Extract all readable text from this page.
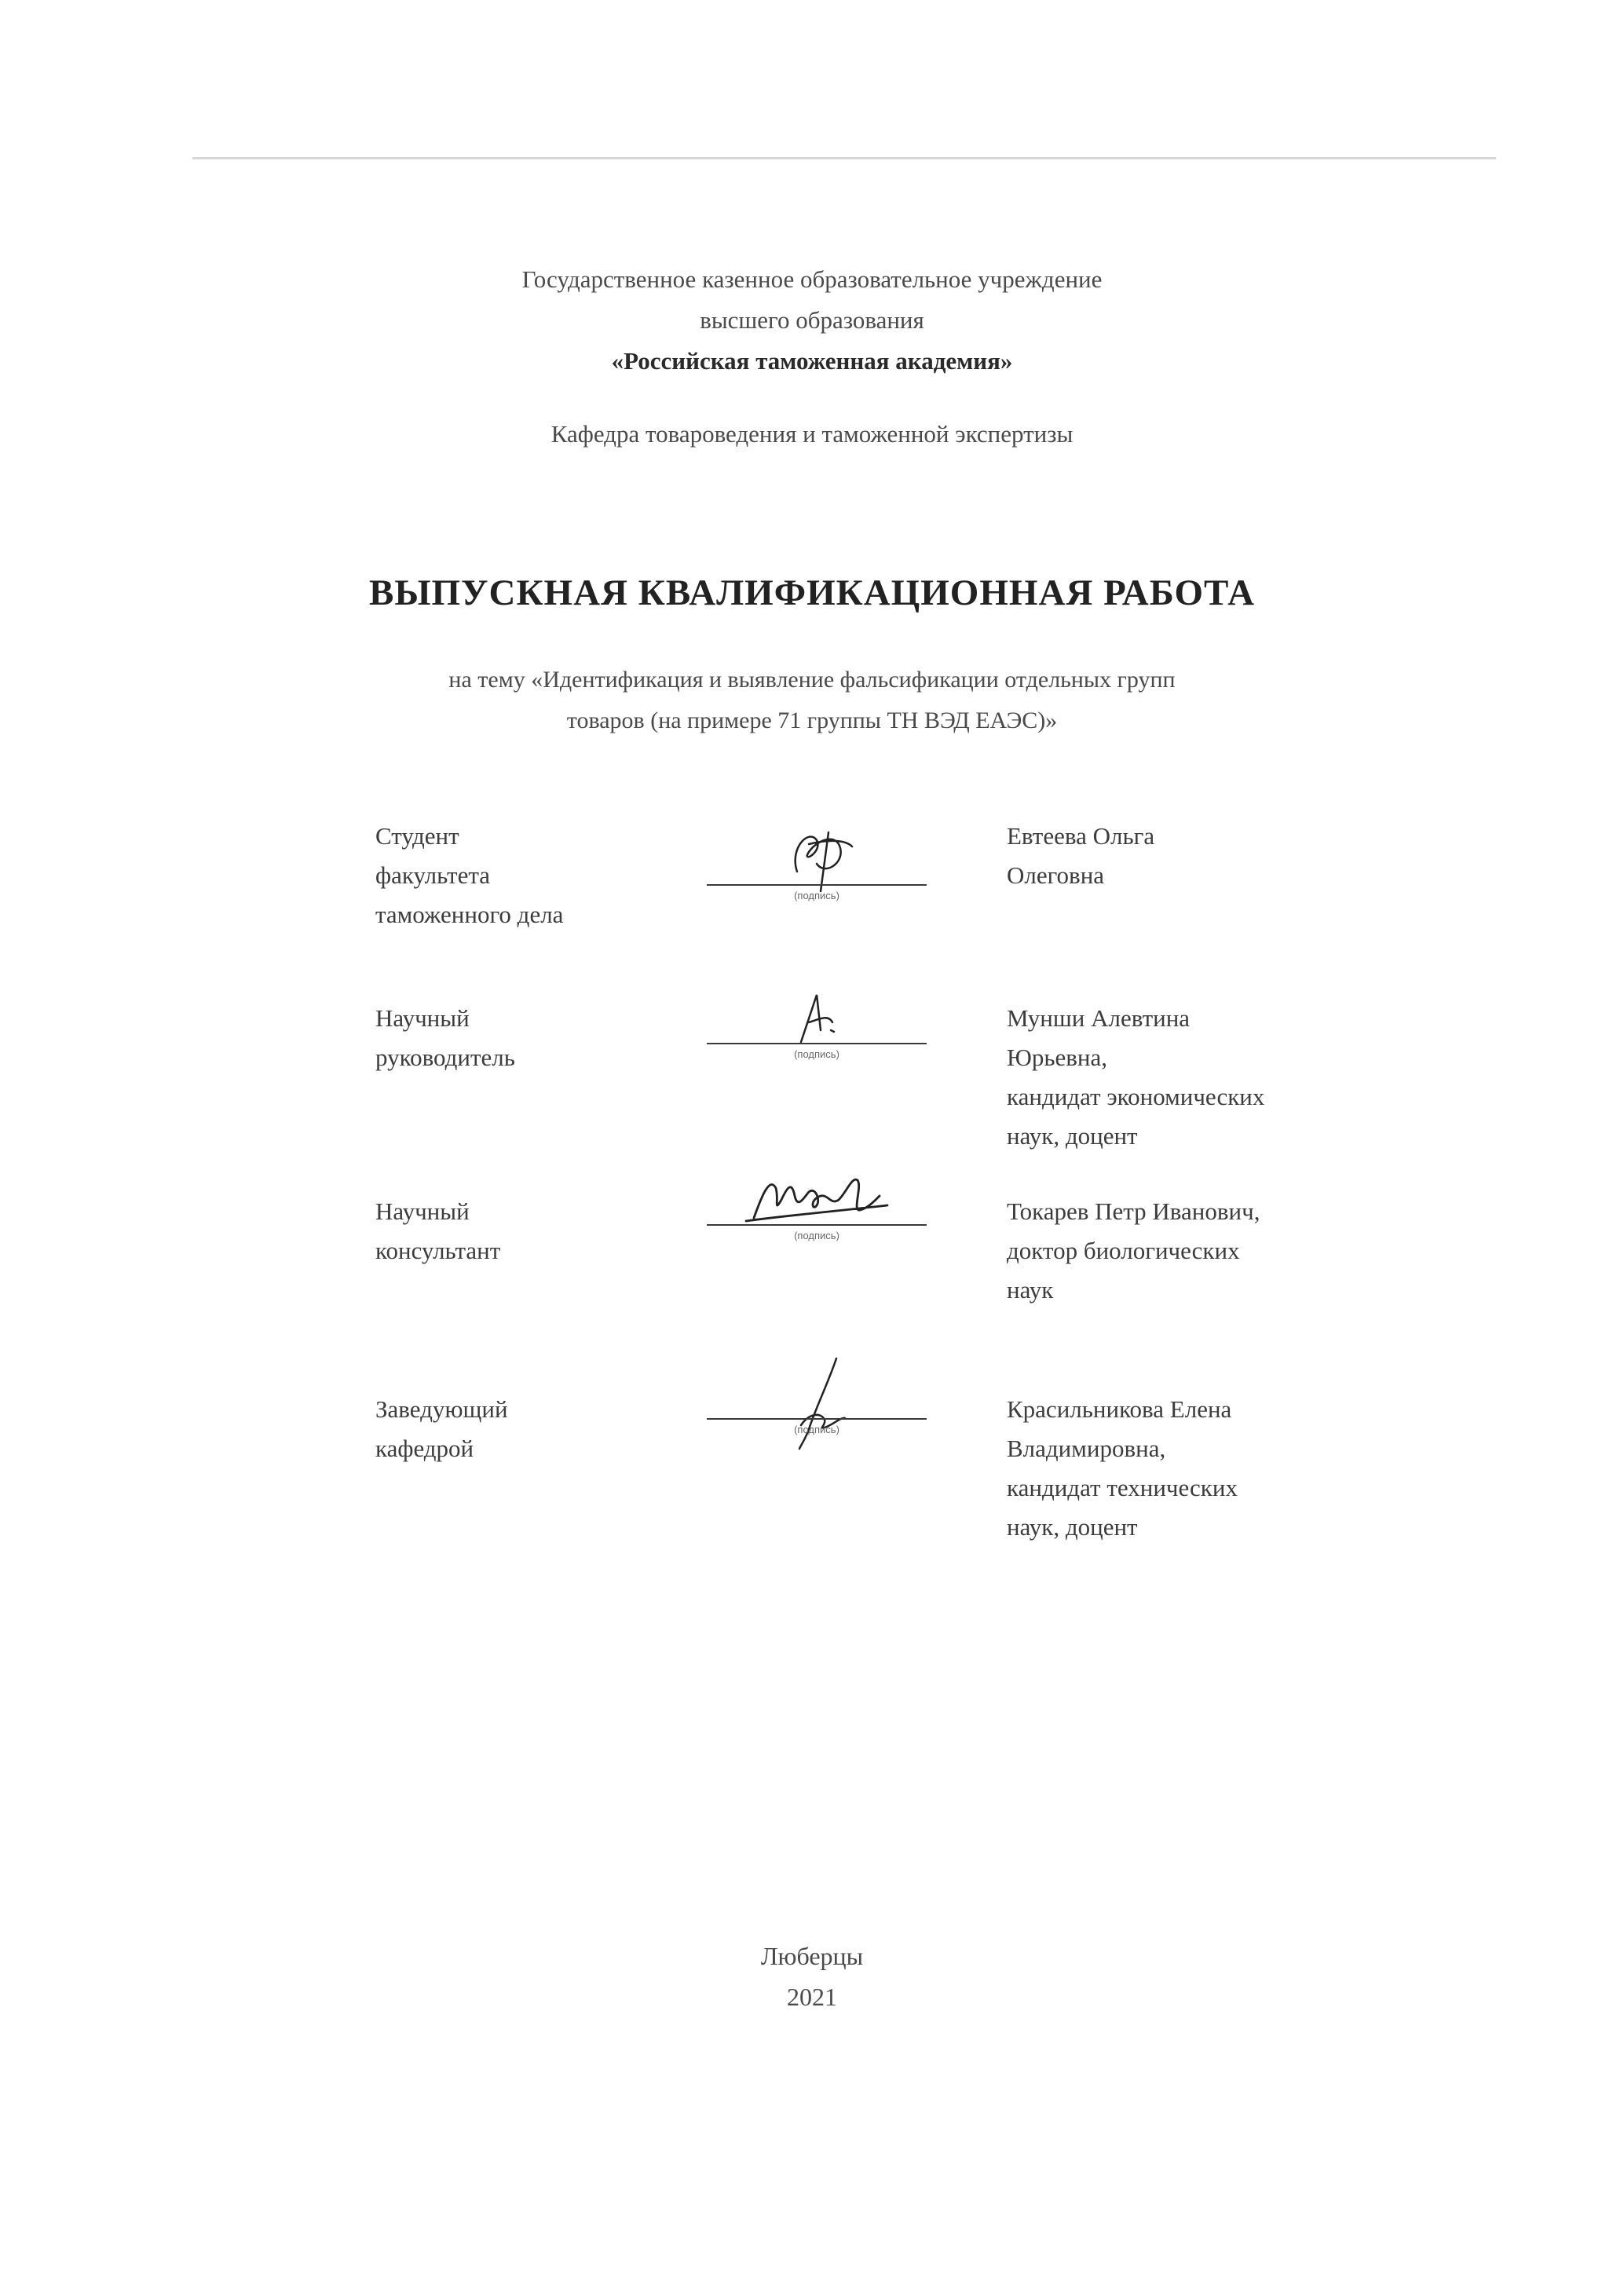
Государственное казенное образовательное учреждение
высшего образования
«Российская таможенная академия»
Кафедра товароведения и таможенной экспертизы
ВЫПУСКНАЯ КВАЛИФИКАЦИОННАЯ РАБОТА
на тему «Идентификация и выявление фальсификации отдельных групп
товаров (на примере 71 группы ТН ВЭД ЕАЭС)»
Студент
факультета
таможенного дела
(подпись)
Евтеева Ольга
Олеговна
Научный
руководитель	(подпись)
Мунши Алевтина
Юрьевна,
кандидат экономических
наук, доцент
Научный
консультант
(подпись)
Токарев Петр Иванович,
доктор биологических
наук
Заведующий
кафедрой
(подпись)
Красильникова Елена
Владимировна,
кандидат технических
наук, доцент
Люберцы
2021
